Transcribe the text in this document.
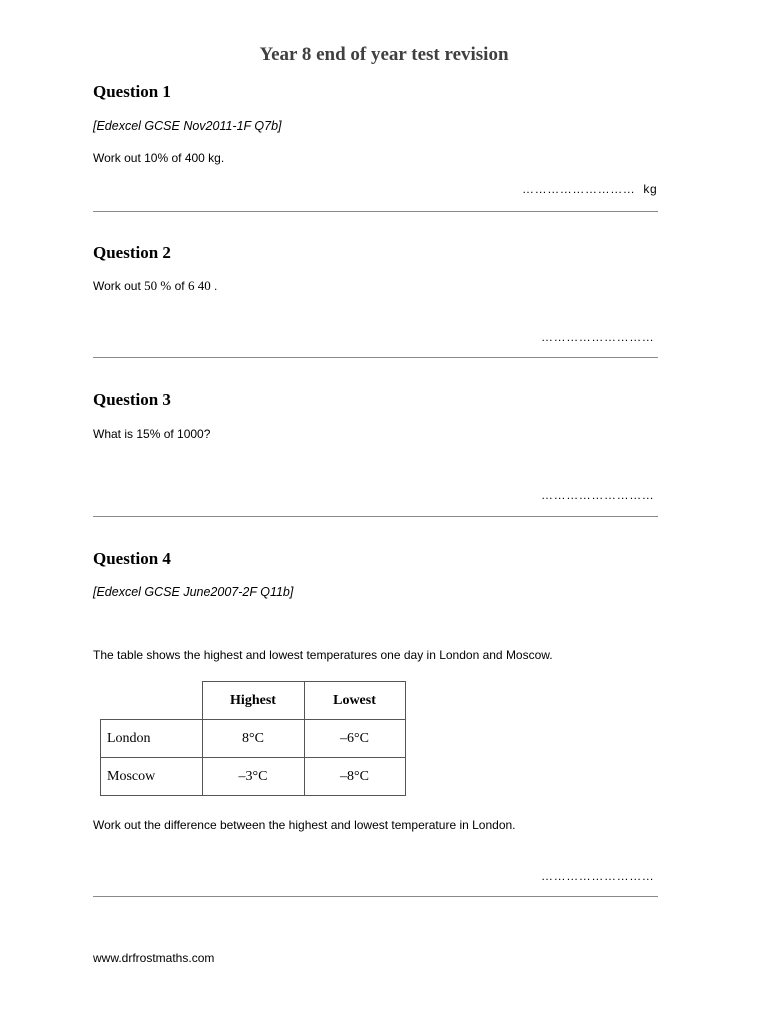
Year 8 end of year test revision
Question 1
[Edexcel GCSE Nov2011-1F Q7b]
Work out 10% of 400 kg.
……………………… kg
Question 2
Work out 50 % of 6 40 .
………………………
Question 3
What is 15% of 1000?
………………………
Question 4
[Edexcel GCSE June2007-2F Q11b]
The table shows the highest and lowest temperatures one day in London and Moscow.
	Highest	Lowest
London	8°C	–6°C
Moscow	–3°C	–8°C
Work out the difference between the highest and lowest temperature in London.
………………………
www.drfrostmaths.com
